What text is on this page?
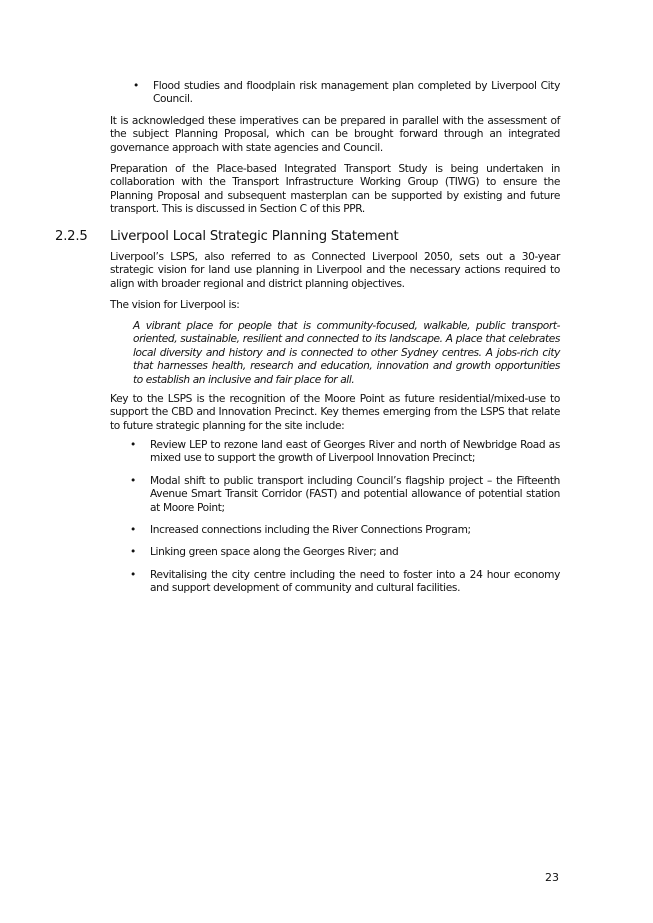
• Flood studies and floodplain risk management plan completed by Liverpool City Council.

It is acknowledged these imperatives can be prepared in parallel with the assessment of the subject Planning Proposal, which can be brought forward through an integrated governance approach with state agencies and Council.

Preparation of the Place-based Integrated Transport Study is being undertaken in collaboration with the Transport Infrastructure Working Group (TIWG) to ensure the Planning Proposal and subsequent masterplan can be supported by existing and future transport. This is discussed in Section C of this PPR.

2.2.5 Liverpool Local Strategic Planning Statement

Liverpool’s LSPS, also referred to as Connected Liverpool 2050, sets out a 30-year strategic vision for land use planning in Liverpool and the necessary actions required to align with broader regional and district planning objectives.

The vision for Liverpool is:

A vibrant place for people that is community-focused, walkable, public transport-oriented, sustainable, resilient and connected to its landscape. A place that celebrates local diversity and history and is connected to other Sydney centres. A jobs-rich city that harnesses health, research and education, innovation and growth opportunities to establish an inclusive and fair place for all.

Key to the LSPS is the recognition of the Moore Point as future residential/mixed-use to support the CBD and Innovation Precinct. Key themes emerging from the LSPS that relate to future strategic planning for the site include:

• Review LEP to rezone land east of Georges River and north of Newbridge Road as mixed use to support the growth of Liverpool Innovation Precinct;
• Modal shift to public transport including Council’s flagship project – the Fifteenth Avenue Smart Transit Corridor (FAST) and potential allowance of potential station at Moore Point;
• Increased connections including the River Connections Program;
• Linking green space along the Georges River; and
• Revitalising the city centre including the need to foster into a 24 hour economy and support development of community and cultural facilities.
23
